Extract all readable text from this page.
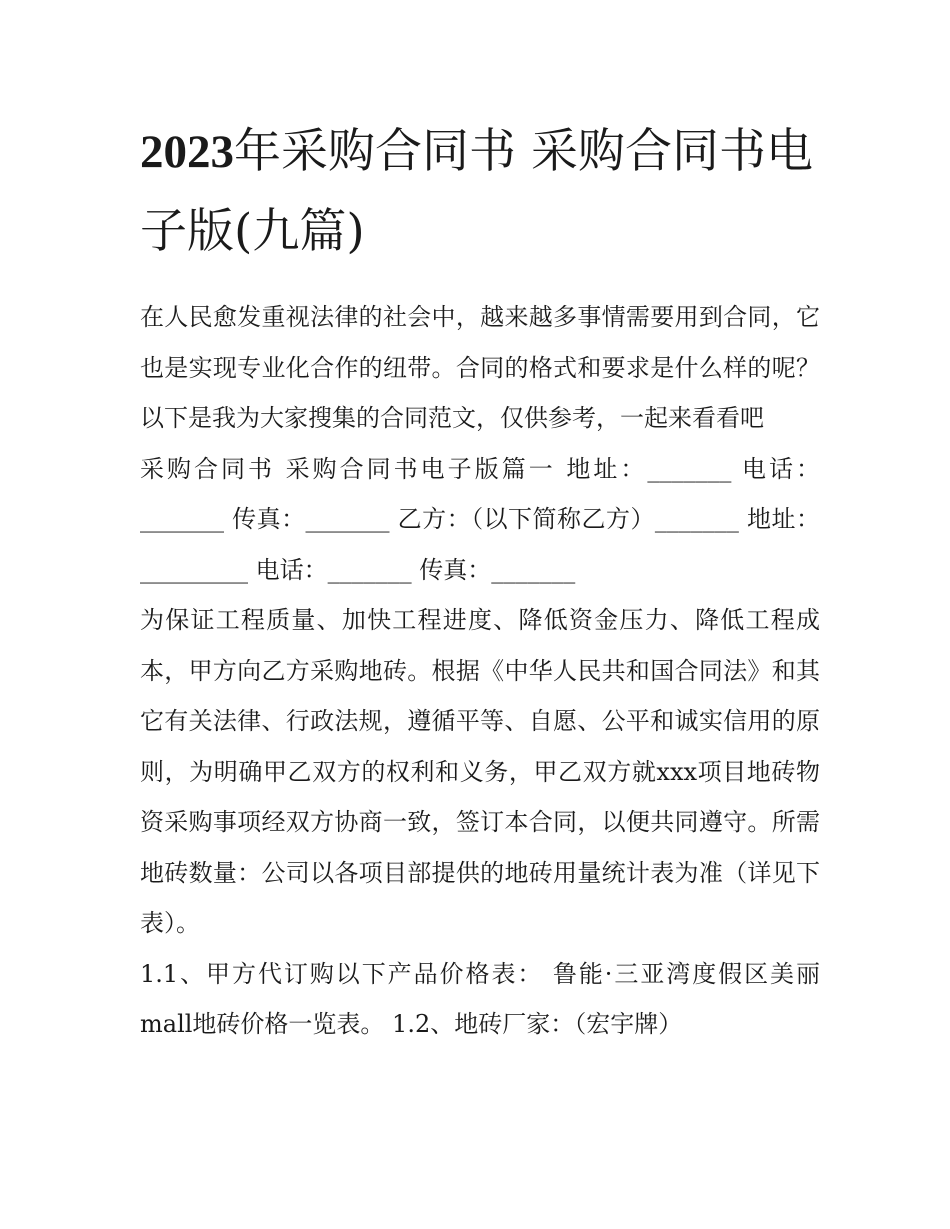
2023年采购合同书 采购合同书电子版(九篇)

在人民愈发重视法律的社会中，越来越多事情需要用到合同，它也是实现专业化合作的纽带。合同的格式和要求是什么样的呢？以下是我为大家搜集的合同范文，仅供参考，一起来看看吧

采购合同书 采购合同书电子版篇一 地址：_______ 电话：_______ 传真：_______ 乙方：（以下简称乙方）_______ 地址：_________ 电话：_______ 传真：_______

为保证工程质量、加快工程进度、降低资金压力、降低工程成本，甲方向乙方采购地砖。根据《中华人民共和国合同法》和其它有关法律、行政法规，遵循平等、自愿、公平和诚实信用的原则，为明确甲乙双方的权利和义务，甲乙双方就xxx项目地砖物资采购事项经双方协商一致，签订本合同，以便共同遵守。所需地砖数量：公司以各项目部提供的地砖用量统计表为准（详见下表）。

1.1、甲方代订购以下产品价格表： 鲁能·三亚湾度假区美丽mall地砖价格一览表。 1.2、地砖厂家：（宏宇牌）
